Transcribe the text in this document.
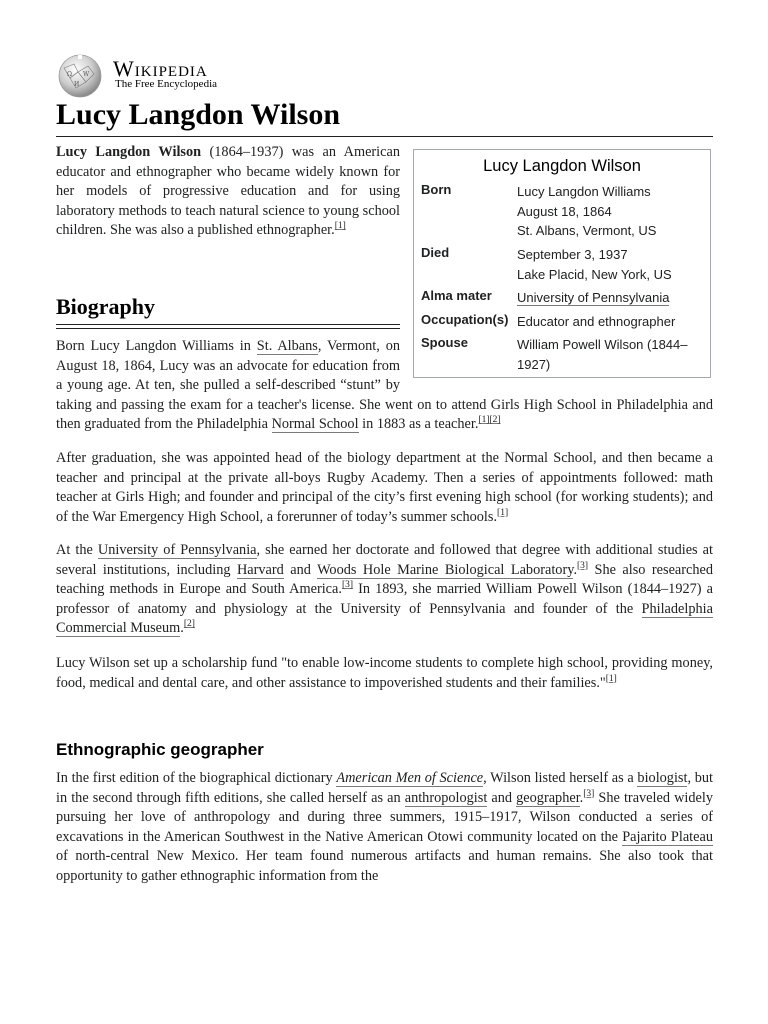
Ω W
И
Wikipedia
The Free Encyclopedia
Lucy Langdon Wilson
Lucy Langdon Wilson
Born	Lucy Langdon Williams
August 18, 1864
St. Albans, Vermont, US
Died	September 3, 1937
Lake Placid, New York, US
Alma mater	University of Pennsylvania
Occupation(s) Educator and ethnographer
Spouse	William Powell Wilson (1844–1927)

Lucy Langdon Wilson (1864–1937) was an American educator and ethnographer who became widely known for her models of progressive education and for using laboratory methods to teach natural science to young school children. She was also a published ethnographer.[1]

Biography

Born Lucy Langdon Williams in St. Albans, Vermont, on August 18, 1864, Lucy was an advocate for education from a young age. At ten, she pulled a self-described “stunt” by taking and passing the exam for a teacher's license. She went on to attend Girls High School in Philadelphia and then graduated from the Philadelphia Normal School in 1883 as a teacher.[1][2]

After graduation, she was appointed head of the biology department at the Normal School, and then became a teacher and principal at the private all-boys Rugby Academy. Then a series of appointments followed: math teacher at Girls High; and founder and principal of the city’s first evening high school (for working students); and of the War Emergency High School, a forerunner of today’s summer schools.[1]

At the University of Pennsylvania, she earned her doctorate and followed that degree with additional studies at several institutions, including Harvard and Woods Hole Marine Biological Laboratory.[3] She also researched teaching methods in Europe and South America.[3] In 1893, she married William Powell Wilson (1844–1927) a professor of anatomy and physiology at the University of Pennsylvania and founder of the Philadelphia Commercial Museum.[2]

Lucy Wilson set up a scholarship fund "to enable low-income students to complete high school, providing money, food, medical and dental care, and other assistance to impoverished students and their families."[1]

Ethnographic geographer

In the first edition of the biographical dictionary American Men of Science, Wilson listed herself as a biologist, but in the second through fifth editions, she called herself as an anthropologist and geographer.[3] She traveled widely pursuing her love of anthropology and during three summers, 1915–1917, Wilson conducted a series of excavations in the American Southwest in the Native American Otowi community located on the Pajarito Plateau of north-central New Mexico. Her team found numerous artifacts and human remains. She also took that opportunity to gather ethnographic information from the
